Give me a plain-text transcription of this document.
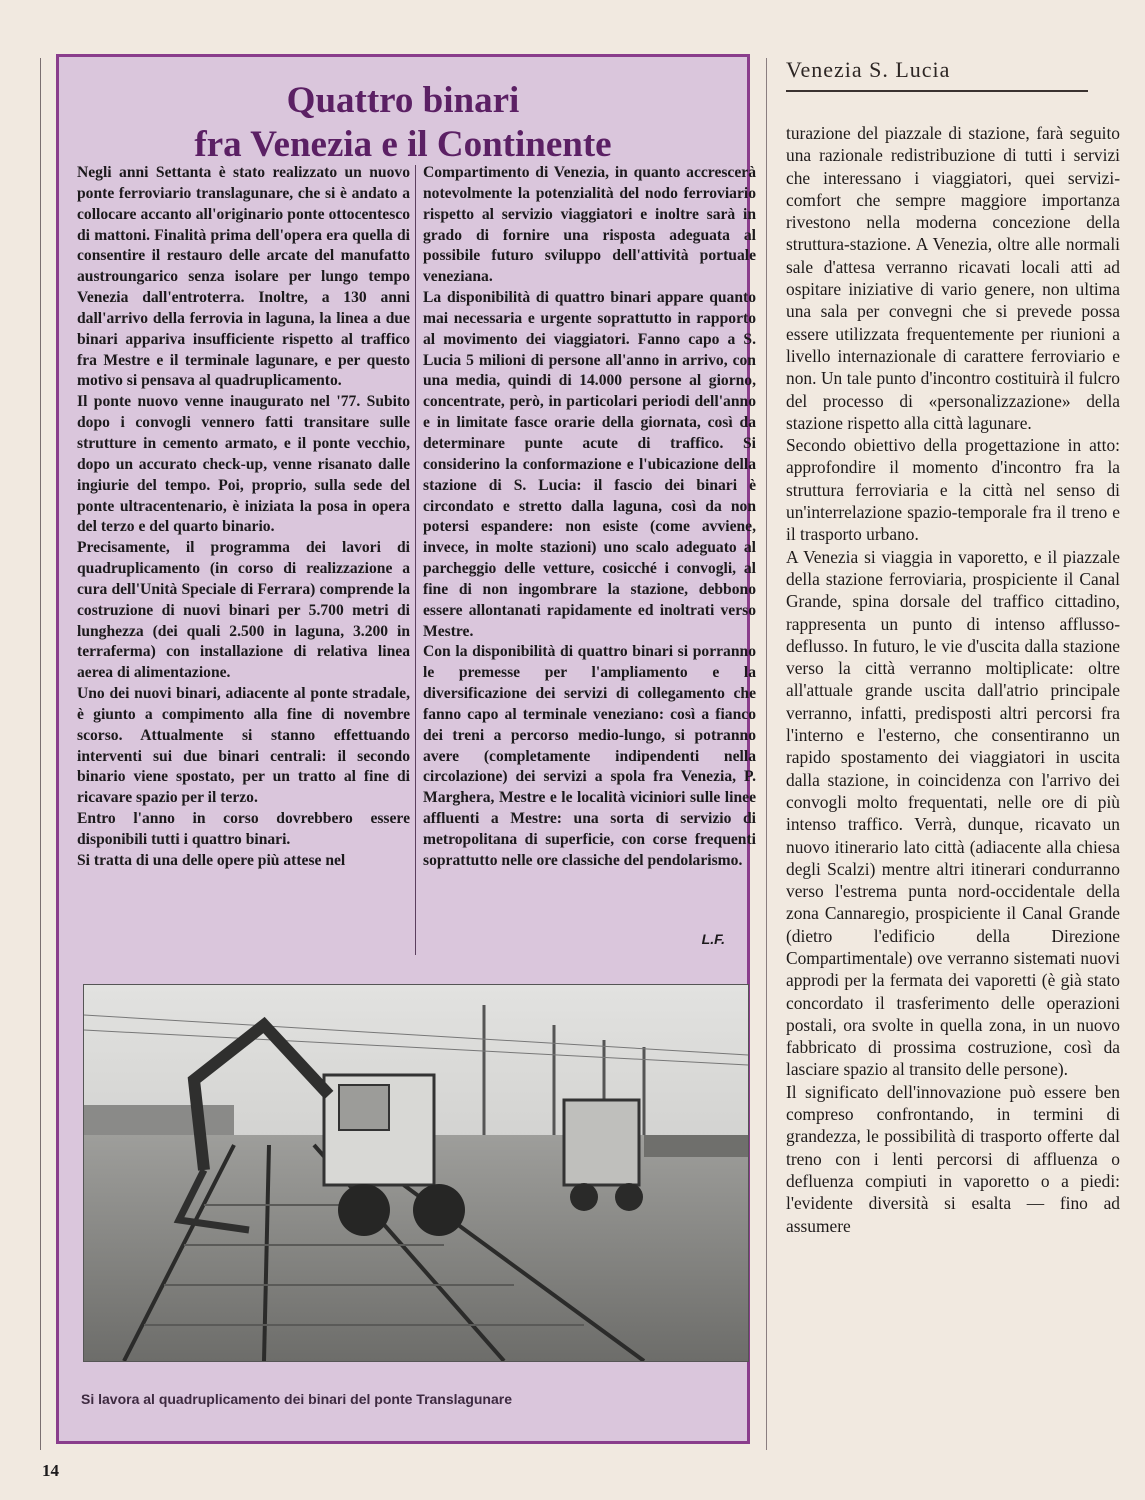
Quattro binari
fra Venezia e il Continente

Negli anni Settanta è stato realizzato un nuovo ponte ferroviario translagunare, che si è andato a collocare accanto all'originario ponte ottocentesco di mattoni. Finalità prima dell'opera era quella di consentire il restauro delle arcate del manufatto austroungarico senza isolare per lungo tempo Venezia dall'entroterra. Inoltre, a 130 anni dall'arrivo della ferrovia in laguna, la linea a due binari appariva insufficiente rispetto al traffico fra Mestre e il terminale lagunare, e per questo motivo si pensava al quadruplicamento.

Il ponte nuovo venne inaugurato nel '77. Subito dopo i convogli vennero fatti transitare sulle strutture in cemento armato, e il ponte vecchio, dopo un accurato check-up, venne risanato dalle ingiurie del tempo. Poi, proprio, sulla sede del ponte ultracentenario, è iniziata la posa in opera del terzo e del quarto binario.

Precisamente, il programma dei lavori di quadruplicamento (in corso di realizzazione a cura dell'Unità Speciale di Ferrara) comprende la costruzione di nuovi binari per 5.700 metri di lunghezza (dei quali 2.500 in laguna, 3.200 in terraferma) con installazione di relativa linea aerea di alimentazione.

Uno dei nuovi binari, adiacente al ponte stradale, è giunto a compimento alla fine di novembre scorso. Attualmente si stanno effettuando interventi sui due binari centrali: il secondo binario viene spostato, per un tratto al fine di ricavare spazio per il terzo.

Entro l'anno in corso dovrebbero essere disponibili tutti i quattro binari.

Si tratta di una delle opere più attese nel

Compartimento di Venezia, in quanto accrescerà notevolmente la potenzialità del nodo ferroviario rispetto al servizio viaggiatori e inoltre sarà in grado di fornire una risposta adeguata al possibile futuro sviluppo dell'attività portuale veneziana.

La disponibilità di quattro binari appare quanto mai necessaria e urgente soprattutto in rapporto al movimento dei viaggiatori. Fanno capo a S. Lucia 5 milioni di persone all'anno in arrivo, con una media, quindi di 14.000 persone al giorno, concentrate, però, in particolari periodi dell'anno e in limitate fasce orarie della giornata, così da determinare punte acute di traffico. Si considerino la conformazione e l'ubicazione della stazione di S. Lucia: il fascio dei binari è circondato e stretto dalla laguna, così da non potersi espandere: non esiste (come avviene, invece, in molte stazioni) uno scalo adeguato al parcheggio delle vetture, cosicché i convogli, al fine di non ingombrare la stazione, debbono essere allontanati rapidamente ed inoltrati verso Mestre.

Con la disponibilità di quattro binari si porranno le premesse per l'ampliamento e la diversificazione dei servizi di collegamento che fanno capo al terminale veneziano: così a fianco dei treni a percorso medio-lungo, si potranno avere (completamente indipendenti nella circolazione) dei servizi a spola fra Venezia, P. Marghera, Mestre e le località viciniori sulle linee affluenti a Mestre: una sorta di servizio di metropolitana di superficie, con corse frequenti soprattutto nelle ore classiche del pendolarismo.

L.F.
Si lavora al quadruplicamento dei binari del ponte Translagunare
Venezia S. Lucia

turazione del piazzale di stazione, farà seguito una razionale redistribuzione di tutti i servizi che interessano i viaggiatori, quei servizi-comfort che sempre maggiore importanza rivestono nella moderna concezione della struttura-stazione. A Venezia, oltre alle normali sale d'attesa verranno ricavati locali atti ad ospitare iniziative di vario genere, non ultima una sala per convegni che si prevede possa essere utilizzata frequentemente per riunioni a livello internazionale di carattere ferroviario e non. Un tale punto d'incontro costituirà il fulcro del processo di «personalizzazione» della stazione rispetto alla città lagunare.

Secondo obiettivo della progettazione in atto: approfondire il momento d'incontro fra la struttura ferroviaria e la città nel senso di un'interrelazione spazio-temporale fra il treno e il trasporto urbano.

A Venezia si viaggia in vaporetto, e il piazzale della stazione ferroviaria, prospiciente il Canal Grande, spina dorsale del traffico cittadino, rappresenta un punto di intenso afflusso-deflusso. In futuro, le vie d'uscita dalla stazione verso la città verranno moltiplicate: oltre all'attuale grande uscita dall'atrio principale verranno, infatti, predisposti altri percorsi fra l'interno e l'esterno, che consentiranno un rapido spostamento dei viaggiatori in uscita dalla stazione, in coincidenza con l'arrivo dei convogli molto frequentati, nelle ore di più intenso traffico. Verrà, dunque, ricavato un nuovo itinerario lato città (adiacente alla chiesa degli Scalzi) mentre altri itinerari condurranno verso l'estrema punta nord-occidentale della zona Cannaregio, prospiciente il Canal Grande (dietro l'edificio della Direzione Compartimentale) ove verranno sistemati nuovi approdi per la fermata dei vaporetti (è già stato concordato il trasferimento delle operazioni postali, ora svolte in quella zona, in un nuovo fabbricato di prossima costruzione, così da lasciare spazio al transito delle persone).

Il significato dell'innovazione può essere ben compreso confrontando, in termini di grandezza, le possibilità di trasporto offerte dal treno con i lenti percorsi di affluenza o defluenza compiuti in vaporetto o a piedi: l'evidente diversità si esalta — fino ad assumere

14
